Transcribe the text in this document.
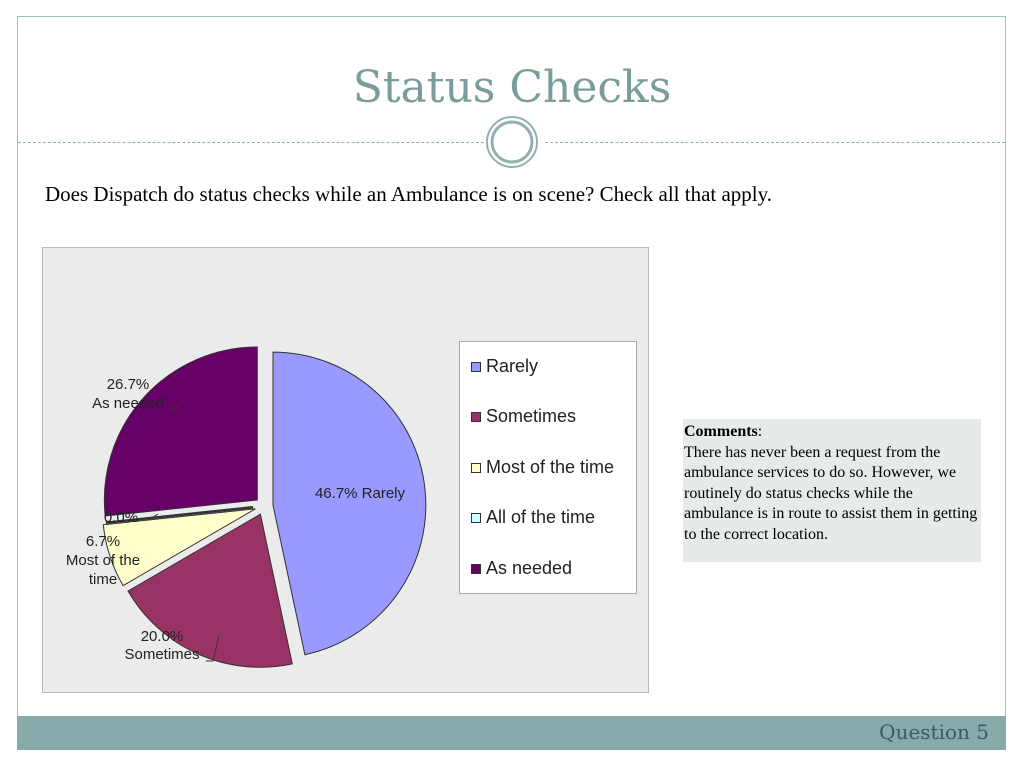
Status Checks
Does Dispatch do status checks while an Ambulance is on scene? Check all that apply.
46.7% Rarely
20.0%
Sometimes
6.7%
Most of the
time
0.0%
26.7%
As needed
Rarely
Sometimes
Most of the time
All of the time
As needed
Comments:
There has never been a request from the ambulance services to do so. However, we routinely do status checks while the ambulance is in route to assist them in getting to the correct location.
Question 5
